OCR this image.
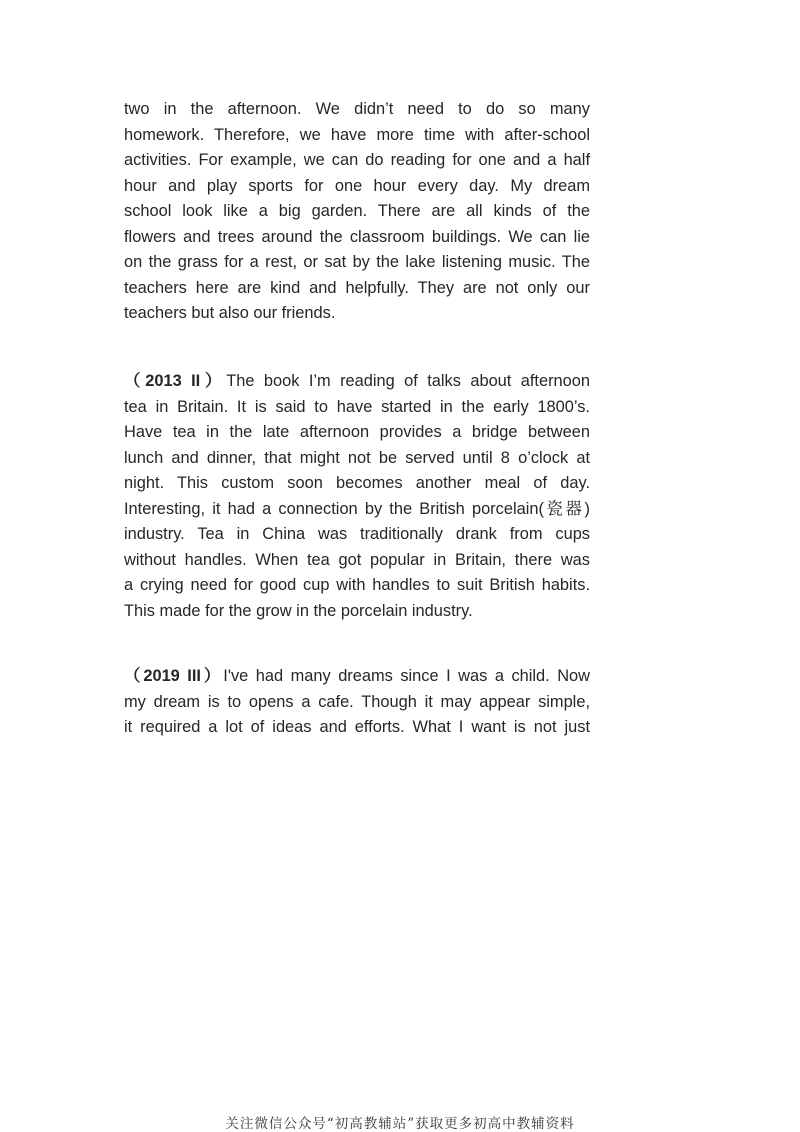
two in the afternoon. We didn’t need to do so many
homework. Therefore, we have more time with after-school
activities. For example, we can do reading for one and a half
hour and play sports for one hour every day. My dream
school look like a big garden. There are all kinds of the
flowers and trees around the classroom buildings. We can lie
on the grass for a rest, or sat by the lake listening music. The
teachers here are kind and helpfully. They are not only our
teachers but also our friends.
（2013 II）The book I’m reading of talks about afternoon
tea in Britain. It is said to have started in the early 1800’s.
Have tea in the late afternoon provides a bridge between
lunch and dinner, that might not be served until 8 o’clock at
night. This custom soon becomes another meal of day.
Interesting, it had a connection by the British porcelain(瓷器)
industry. Tea in China was traditionally drank from cups
without handles. When tea got popular in Britain, there was
a crying need for good cup with handles to suit British habits.
This made for the grow in the porcelain industry.
（2019 III）I've had many dreams since I was a child. Now
my dream is to opens a cafe. Though it may appear simple,
it required a lot of ideas and efforts. What I want is not just
关注微信公众号“初高教辅站”获取更多初高中教辅资料
